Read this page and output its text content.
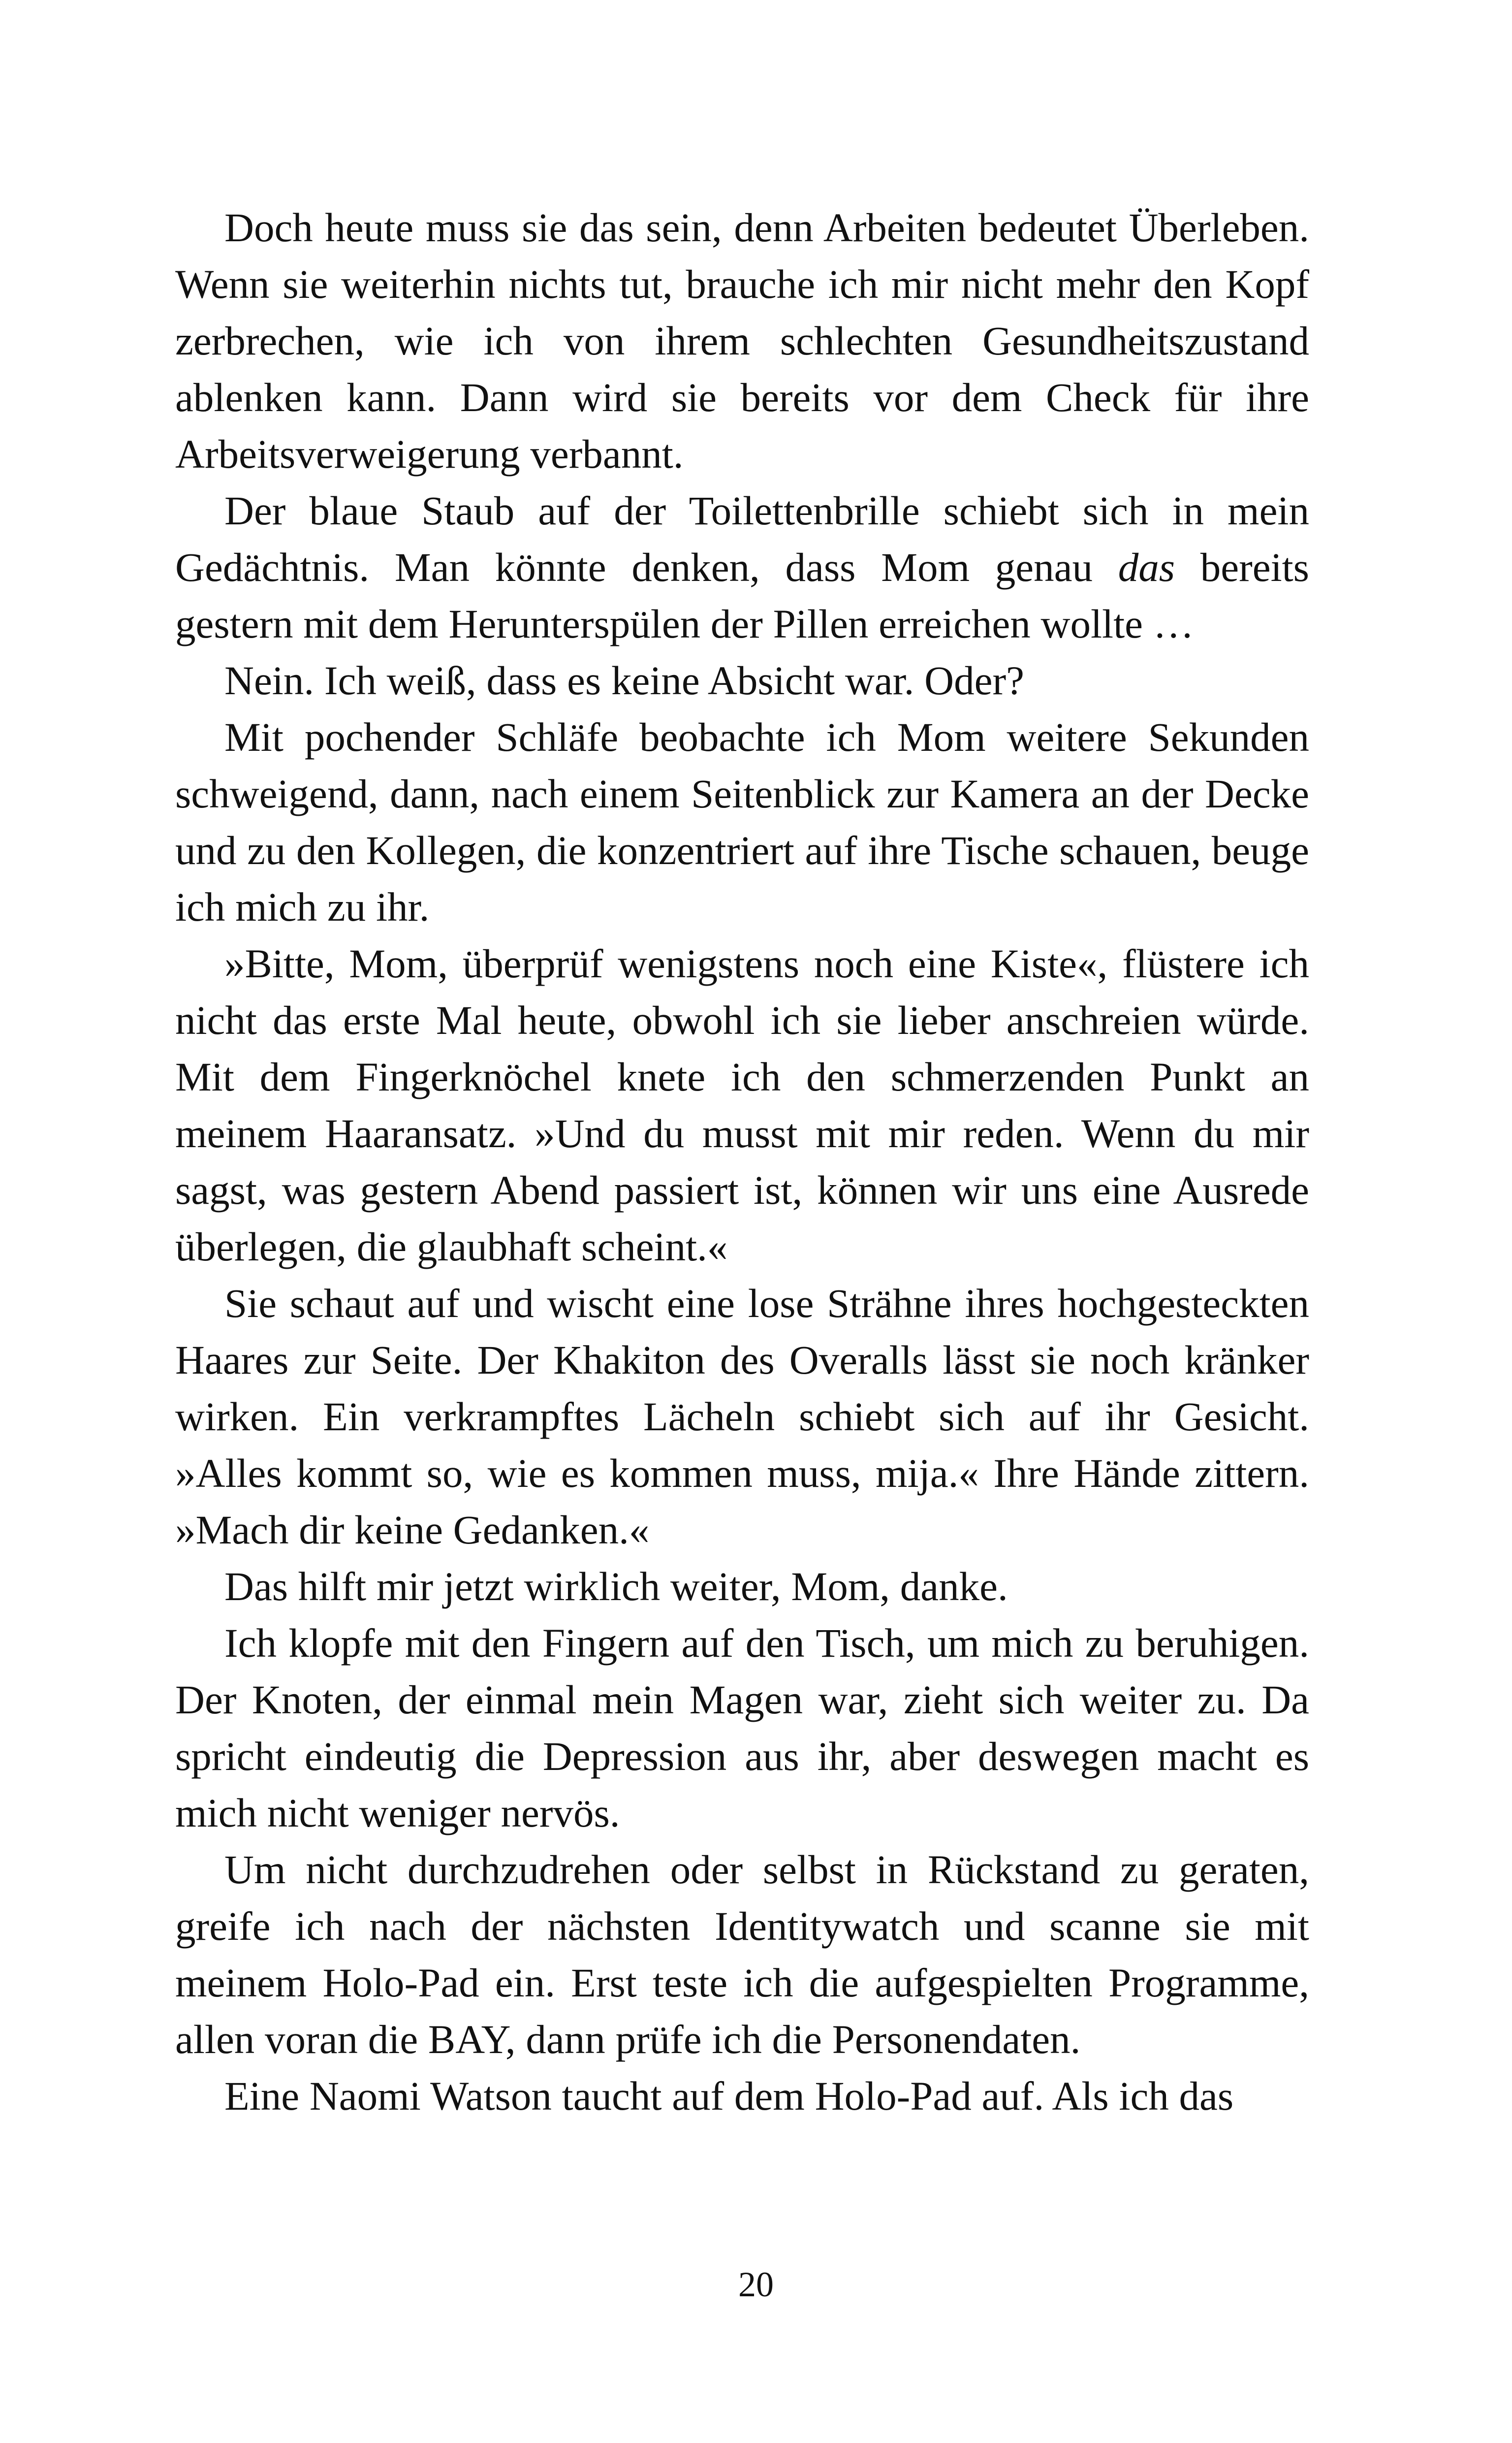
Doch heute muss sie das sein, denn Arbeiten bedeutet Überleben. Wenn sie weiterhin nichts tut, brauche ich mir nicht mehr den Kopf zerbrechen, wie ich von ihrem schlechten Gesundheitszustand ablenken kann. Dann wird sie bereits vor dem Check für ihre Arbeitsverweigerung verbannt.

Der blaue Staub auf der Toilettenbrille schiebt sich in mein Gedächtnis. Man könnte denken, dass Mom genau das bereits gestern mit dem Herunterspülen der Pillen erreichen wollte …

Nein. Ich weiß, dass es keine Absicht war. Oder?

Mit pochender Schläfe beobachte ich Mom weitere Sekunden schweigend, dann, nach einem Seitenblick zur Kamera an der Decke und zu den Kollegen, die konzentriert auf ihre Tische schauen, beuge ich mich zu ihr.

»Bitte, Mom, überprüf wenigstens noch eine Kiste«, flüstere ich nicht das erste Mal heute, obwohl ich sie lieber anschreien würde. Mit dem Fingerknöchel knete ich den schmerzenden Punkt an meinem Haaransatz. »Und du musst mit mir reden. Wenn du mir sagst, was gestern Abend passiert ist, können wir uns eine Ausrede überlegen, die glaubhaft scheint.«

Sie schaut auf und wischt eine lose Strähne ihres hochgesteckten Haares zur Seite. Der Khakiton des Overalls lässt sie noch kränker wirken. Ein verkrampftes Lächeln schiebt sich auf ihr Gesicht. »Alles kommt so, wie es kommen muss, mija.« Ihre Hände zittern. »Mach dir keine Gedanken.«

Das hilft mir jetzt wirklich weiter, Mom, danke.

Ich klopfe mit den Fingern auf den Tisch, um mich zu beruhigen. Der Knoten, der einmal mein Magen war, zieht sich weiter zu. Da spricht eindeutig die Depression aus ihr, aber deswegen macht es mich nicht weniger nervös.

Um nicht durchzudrehen oder selbst in Rückstand zu geraten, greife ich nach der nächsten Identitywatch und scanne sie mit meinem Holo-Pad ein. Erst teste ich die aufgespielten Programme, allen voran die BAY, dann prüfe ich die Personendaten.

Eine Naomi Watson taucht auf dem Holo-Pad auf. Als ich das

20
